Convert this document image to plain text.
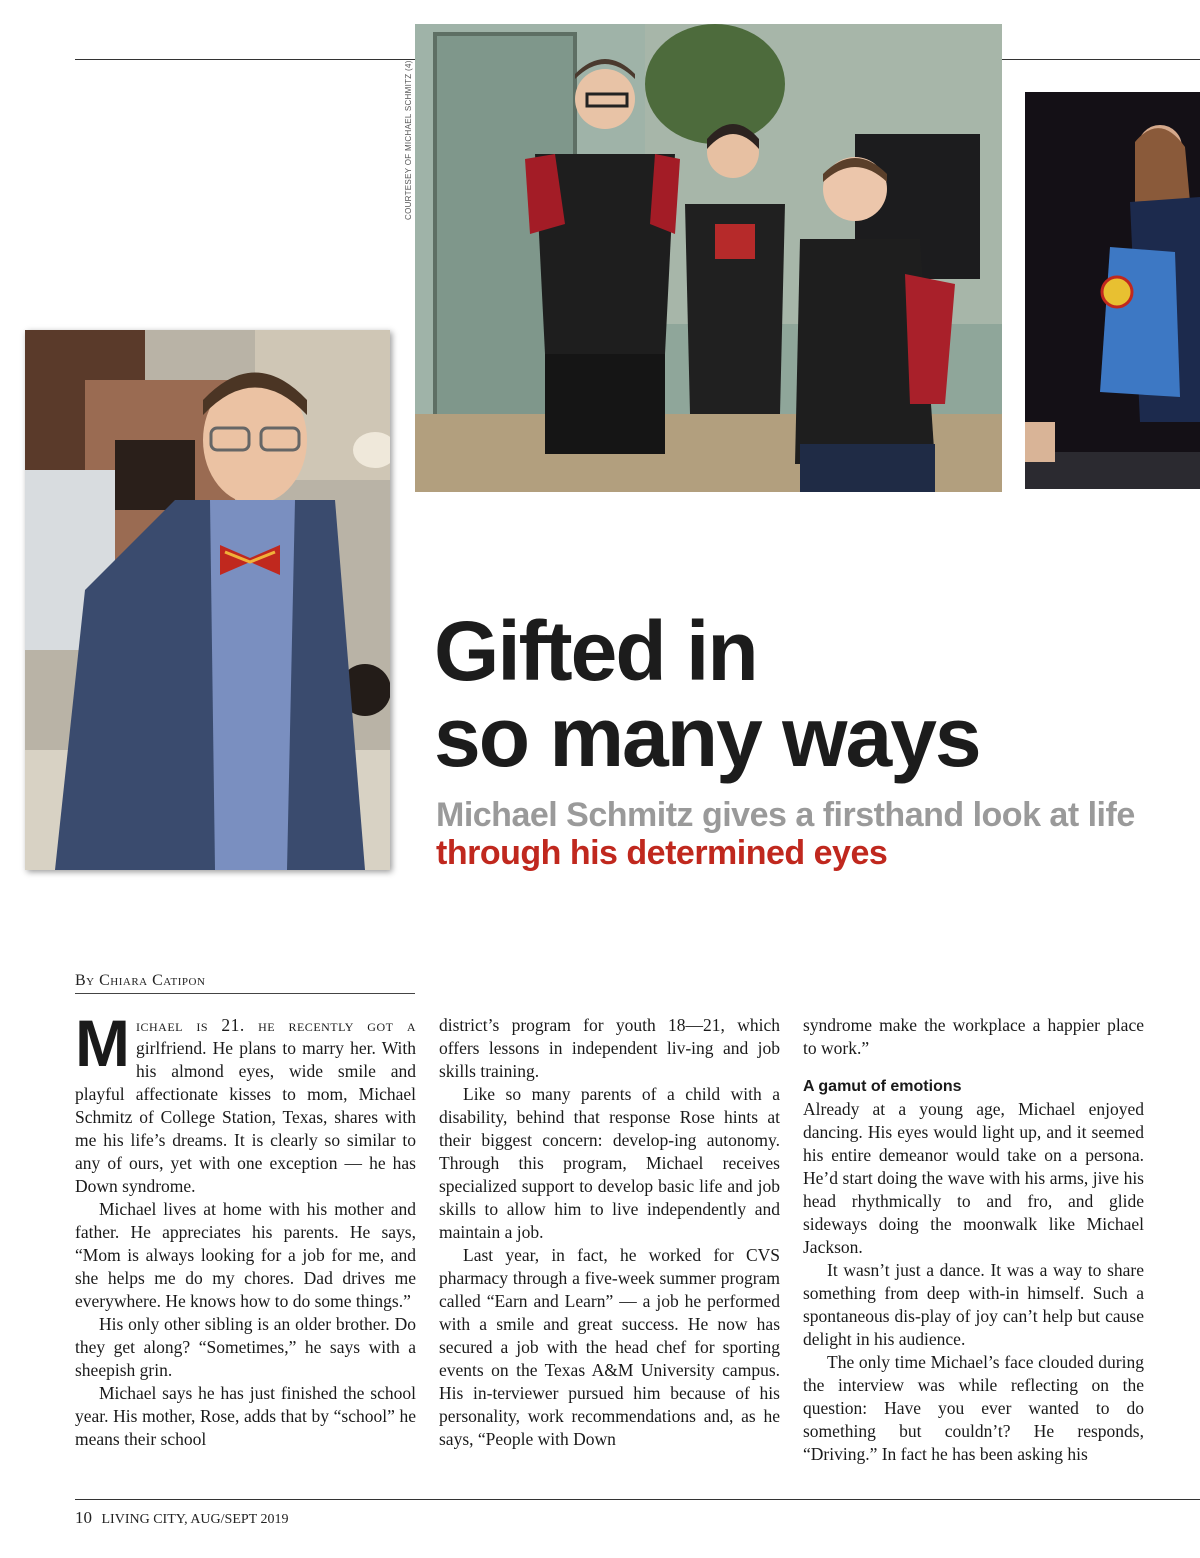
COURTESEY OF MICHAEL SCHMITZ (4)
Gifted in
so many ways
Michael Schmitz gives a firsthand look at life through his determined eyes
By Chiara Catipon

Michael is 21. he recently got a girlfriend. He plans to marry her. With his almond eyes, wide smile and playful affectionate kisses to mom, Michael Schmitz of College Station, Texas, shares with me his life’s dreams. It is clearly so similar to any of ours, yet with one exception — he has Down syndrome.

Michael lives at home with his mother and father. He appreciates his parents. He says, “Mom is always looking for a job for me, and she helps me do my chores. Dad drives me everywhere. He knows how to do some things.”

His only other sibling is an older brother. Do they get along? “Sometimes,” he says with a sheepish grin.

Michael says he has just finished the school year. His mother, Rose, adds that by “school” he means their school

district’s program for youth 18—21, which offers lessons in independent liv-ing and job skills training.

Like so many parents of a child with a disability, behind that response Rose hints at their biggest concern: develop-ing autonomy. Through this program, Michael receives specialized support to develop basic life and job skills to allow him to live independently and maintain a job.

Last year, in fact, he worked for CVS pharmacy through a five-week summer program called “Earn and Learn” — a job he performed with a smile and great success. He now has secured a job with the head chef for sporting events on the Texas A&M University campus. His in-terviewer pursued him because of his personality, work recommendations and, as he says, “People with Down

syndrome make the workplace a happier place to work.”

A gamut of emotions

Already at a young age, Michael enjoyed dancing. His eyes would light up, and it seemed his entire demeanor would take on a persona. He’d start doing the wave with his arms, jive his head rhythmically to and fro, and glide sideways doing the moonwalk like Michael Jackson.

It wasn’t just a dance. It was a way to share something from deep with-in himself. Such a spontaneous dis-play of joy can’t help but cause delight in his audience.

The only time Michael’s face clouded during the interview was while reflecting on the question: Have you ever wanted to do something but couldn’t? He responds, “Driving.” In fact he has been asking his

10 LIVING CITY, AUG/SEPT 2019
